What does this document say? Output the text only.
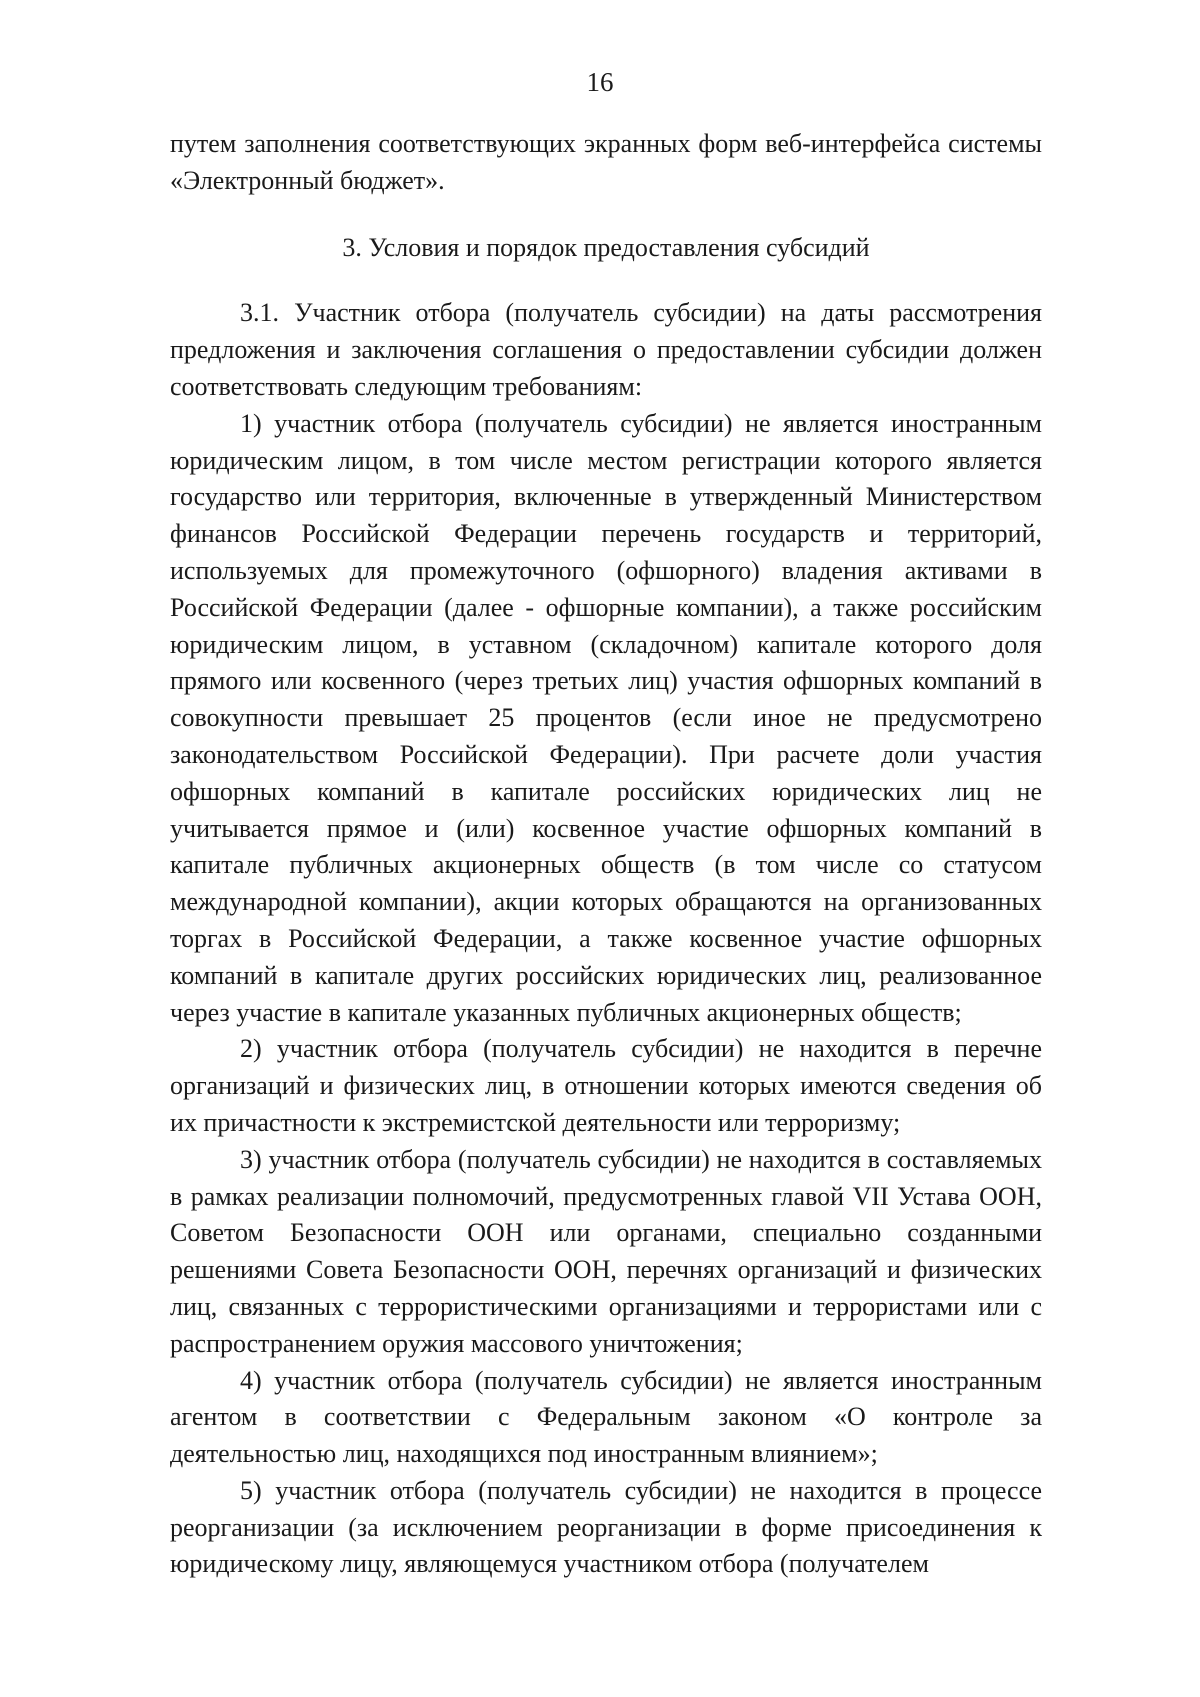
16

путем заполнения соответствующих экранных форм веб-интерфейса системы «Электронный бюджет».

3. Условия и порядок предоставления субсидий

3.1. Участник отбора (получатель субсидии) на даты рассмотрения предложения и заключения соглашения о предоставлении субсидии должен соответствовать следующим требованиям:

1) участник отбора (получатель субсидии) не является иностранным юридическим лицом, в том числе местом регистрации которого является государство или территория, включенные в утвержденный Министерством финансов Российской Федерации перечень государств и территорий, используемых для промежуточного (офшорного) владения активами в Российской Федерации (далее - офшорные компании), а также российским юридическим лицом, в уставном (складочном) капитале которого доля прямого или косвенного (через третьих лиц) участия офшорных компаний в совокупности превышает 25 процентов (если иное не предусмотрено законодательством Российской Федерации). При расчете доли участия офшорных компаний в капитале российских юридических лиц не учитывается прямое и (или) косвенное участие офшорных компаний в капитале публичных акционерных обществ (в том числе со статусом международной компании), акции которых обращаются на организованных торгах в Российской Федерации, а также косвенное участие офшорных компаний в капитале других российских юридических лиц, реализованное через участие в капитале указанных публичных акционерных обществ;

2) участник отбора (получатель субсидии) не находится в перечне организаций и физических лиц, в отношении которых имеются сведения об их причастности к экстремистской деятельности или терроризму;

3) участник отбора (получатель субсидии) не находится в составляемых в рамках реализации полномочий, предусмотренных главой VII Устава ООН, Советом Безопасности ООН или органами, специально созданными решениями Совета Безопасности ООН, перечнях организаций и физических лиц, связанных с террористическими организациями и террористами или с распространением оружия массового уничтожения;

4) участник отбора (получатель субсидии) не является иностранным агентом в соответствии с Федеральным законом «О контроле за деятельностью лиц, находящихся под иностранным влиянием»;

5) участник отбора (получатель субсидии) не находится в процессе реорганизации (за исключением реорганизации в форме присоединения к юридическому лицу, являющемуся участником отбора (получателем
